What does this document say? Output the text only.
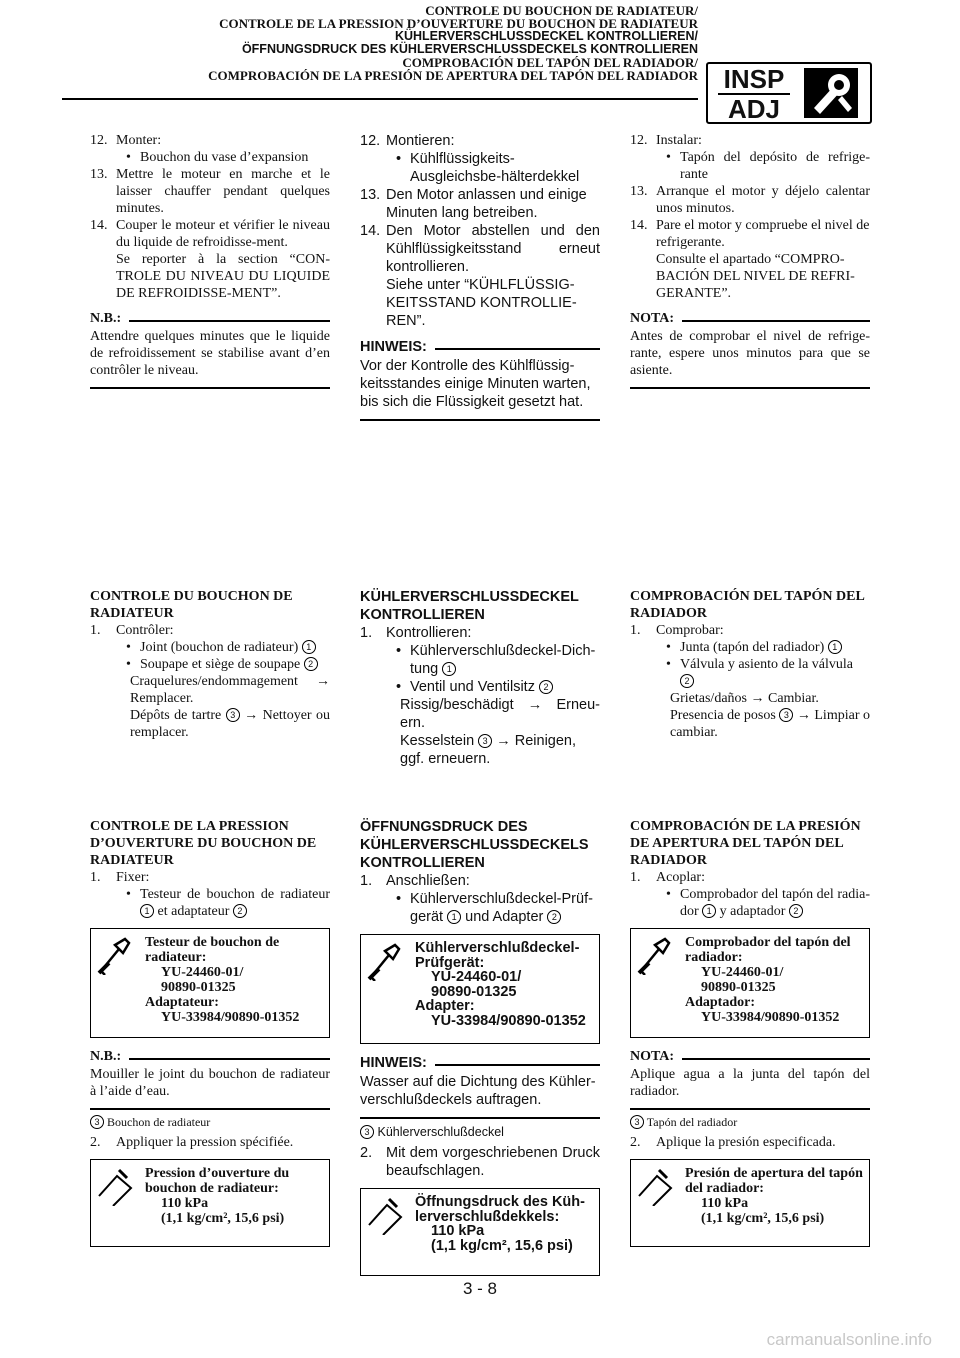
CONTROLE DU BOUCHON DE RADIATEUR/
CONTROLE DE LA PRESSION D’OUVERTURE DU BOUCHON DE RADIATEUR
KÜHLERVERSCHLUSSDECKEL KONTROLLIEREN/
ÖFFNUNGSDRUCK DES KÜHLERVERSCHLUSSDECKELS KONTROLLIEREN
COMPROBACIÓN DEL TAPÓN DEL RADIADOR/
COMPROBACIÓN DE LA PRESIÓN DE APERTURA DEL TAPÓN DEL RADIADOR INSP
ADJ
12. Monter:
• Bouchon du vase d’expansion
13. Mettre le moteur en marche et le laisser chauffer pendant quelques minutes.
14. Couper le moteur et vérifier le niveau du liquide de refroidisse-ment.
Se reporter à la section “CON-TROLE DU NIVEAU DU LIQUIDE DE REFROIDISSE-MENT”.
N.B.:
Attendre quelques minutes que le liquide de refroidissement se stabilise avant d’en contrôler le niveau.
CONTROLE DU BOUCHON DE RADIATEUR
1. Contrôler:
• Joint (bouchon de radiateur) 1
• Soupape et siège de soupape 2
Craquelures/endommagement → Remplacer.
Dépôts de tartre 3 → Nettoyer ou remplacer.
CONTROLE DE LA PRESSION D’OUVERTURE DU BOUCHON DE RADIATEUR
1. Fixer:
• Testeur de bouchon de radiateur 1 et adaptateur 2
Testeur de bouchon de radiateur:
YU-24460-01/
90890-01325
Adaptateur:
YU-33984/90890-01352
N.B.:
Mouiller le joint du bouchon de radiateur à l’aide d’eau.
3 Bouchon de radiateur
2. Appliquer la pression spécifiée.
Pression d’ouverture du bouchon de radiateur:
110 kPa
(1,1 kg/cm², 15,6 psi)
12. Montieren:
• Kühlflüssigkeits-Ausgleichsbe-hälterdekkel
13. Den Motor anlassen und einige Minuten lang betreiben.
14. Den Motor abstellen und den Kühlflüssigkeitsstand erneut kontrollieren.
Siehe unter “KÜHLFLÜSSIG-KEITSSTAND KONTROLLIE-REN”.
HINWEIS:
Vor der Kontrolle des Kühlflüssig-keitsstandes einige Minuten warten, bis sich die Flüssigkeit gesetzt hat.
KÜHLERVERSCHLUSSDECKEL KONTROLLIEREN
1. Kontrollieren:
• Kühlerverschlußdeckel-Dich-tung 1
• Ventil und Ventilsitz 2
Rissig/beschädigt → Erneu-ern.
Kesselstein 3 → Reinigen, ggf. erneuern.
ÖFFNUNGSDRUCK DES KÜHLERVERSCHLUSSDECKELS KONTROLLIEREN
1. Anschließen:
• Kühlerverschlußdeckel-Prüf-gerät 1 und Adapter 2
Kühlerverschlußdeckel-Prüfgerät:
YU-24460-01/
90890-01325
Adapter:
YU-33984/90890-01352
HINWEIS:
Wasser auf die Dichtung des Kühler-verschlußdeckels auftragen.
3 Kühlerverschlußdeckel
2. Mit dem vorgeschriebenen Druck beaufschlagen.
Öffnungsdruck des Küh-lerverschlußdekkels:
110 kPa
(1,1 kg/cm², 15,6 psi)
12. Instalar:
• Tapón del depósito de refrige-rante
13. Arranque el motor y déjelo calentar unos minutos.
14. Pare el motor y compruebe el nivel de refrigerante.
Consulte el apartado “COMPRO-BACIÓN DEL NIVEL DE REFRI-GERANTE”.
NOTA:
Antes de comprobar el nivel de refrige-rante, espere unos minutos para que se asiente.
COMPROBACIÓN DEL TAPÓN DEL RADIADOR
1. Comprobar:
• Junta (tapón del radiador) 1
• Válvula y asiento de la válvula 2
Grietas/daños → Cambiar.
Presencia de posos 3 → Limpiar o cambiar.
COMPROBACIÓN DE LA PRESIÓN DE APERTURA DEL TAPÓN DEL RADIADOR
1. Acoplar:
• Comprobador del tapón del radia-dor 1 y adaptador 2
Comprobador del tapón del radiador:
YU-24460-01/
90890-01325
Adaptador:
YU-33984/90890-01352
NOTA:
Aplique agua a la junta del tapón del radiador.
3 Tapón del radiador
2. Aplique la presión especificada.
Presión de apertura del tapón del radiador:
110 kPa
(1,1 kg/cm², 15,6 psi)
3 - 8
carmanualsonline.info
